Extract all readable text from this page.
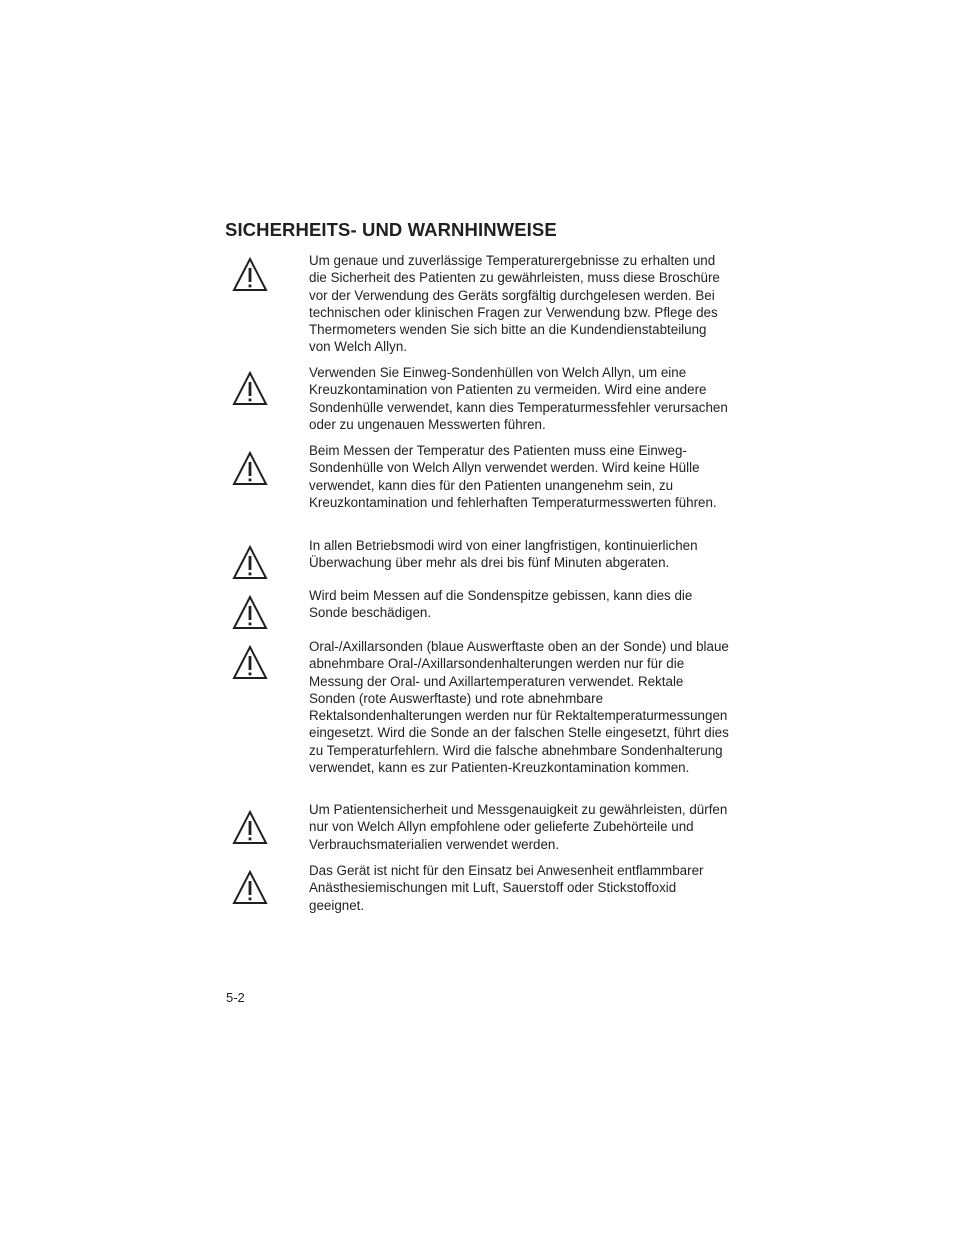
SICHERHEITS- UND WARNHINWEISE

Um genaue und zuverlässige Temperaturergebnisse zu erhalten und die Sicherheit des Patienten zu gewährleisten, muss diese Broschüre vor der Verwendung des Geräts sorgfältig durchgelesen werden. Bei technischen oder klinischen Fragen zur Verwendung bzw. Pflege des Thermometers wenden Sie sich bitte an die Kundendienstabteilung von Welch Allyn.

Verwenden Sie Einweg-Sondenhüllen von Welch Allyn, um eine Kreuzkontamination von Patienten zu vermeiden. Wird eine andere Sondenhülle verwendet, kann dies Temperaturmessfehler verursachen oder zu ungenauen Messwerten führen.

Beim Messen der Temperatur des Patienten muss eine Einweg-Sondenhülle von Welch Allyn verwendet werden. Wird keine Hülle verwendet, kann dies für den Patienten unangenehm sein, zu Kreuzkontamination und fehlerhaften Temperaturmesswerten führen.

In allen Betriebsmodi wird von einer langfristigen, kontinuierlichen Überwachung über mehr als drei bis fünf Minuten abgeraten.

Wird beim Messen auf die Sondenspitze gebissen, kann dies die Sonde beschädigen.

Oral-/Axillarsonden (blaue Auswerftaste oben an der Sonde) und blaue abnehmbare Oral-/Axillarsondenhalterungen werden nur für die Messung der Oral- und Axillartemperaturen verwendet. Rektale Sonden (rote Auswerftaste) und rote abnehmbare Rektalsondenhalterungen werden nur für Rektaltemperaturmessungen eingesetzt. Wird die Sonde an der falschen Stelle eingesetzt, führt dies zu Temperaturfehlern. Wird die falsche abnehmbare Sondenhalterung verwendet, kann es zur Patienten-Kreuzkontamination kommen.

Um Patientensicherheit und Messgenauigkeit zu gewährleisten, dürfen nur von Welch Allyn empfohlene oder gelieferte Zubehörteile und Verbrauchsmaterialien verwendet werden.

Das Gerät ist nicht für den Einsatz bei Anwesenheit entflammbarer Anästhesiemischungen mit Luft, Sauerstoff oder Stickstoffoxid geeignet.

5-2
